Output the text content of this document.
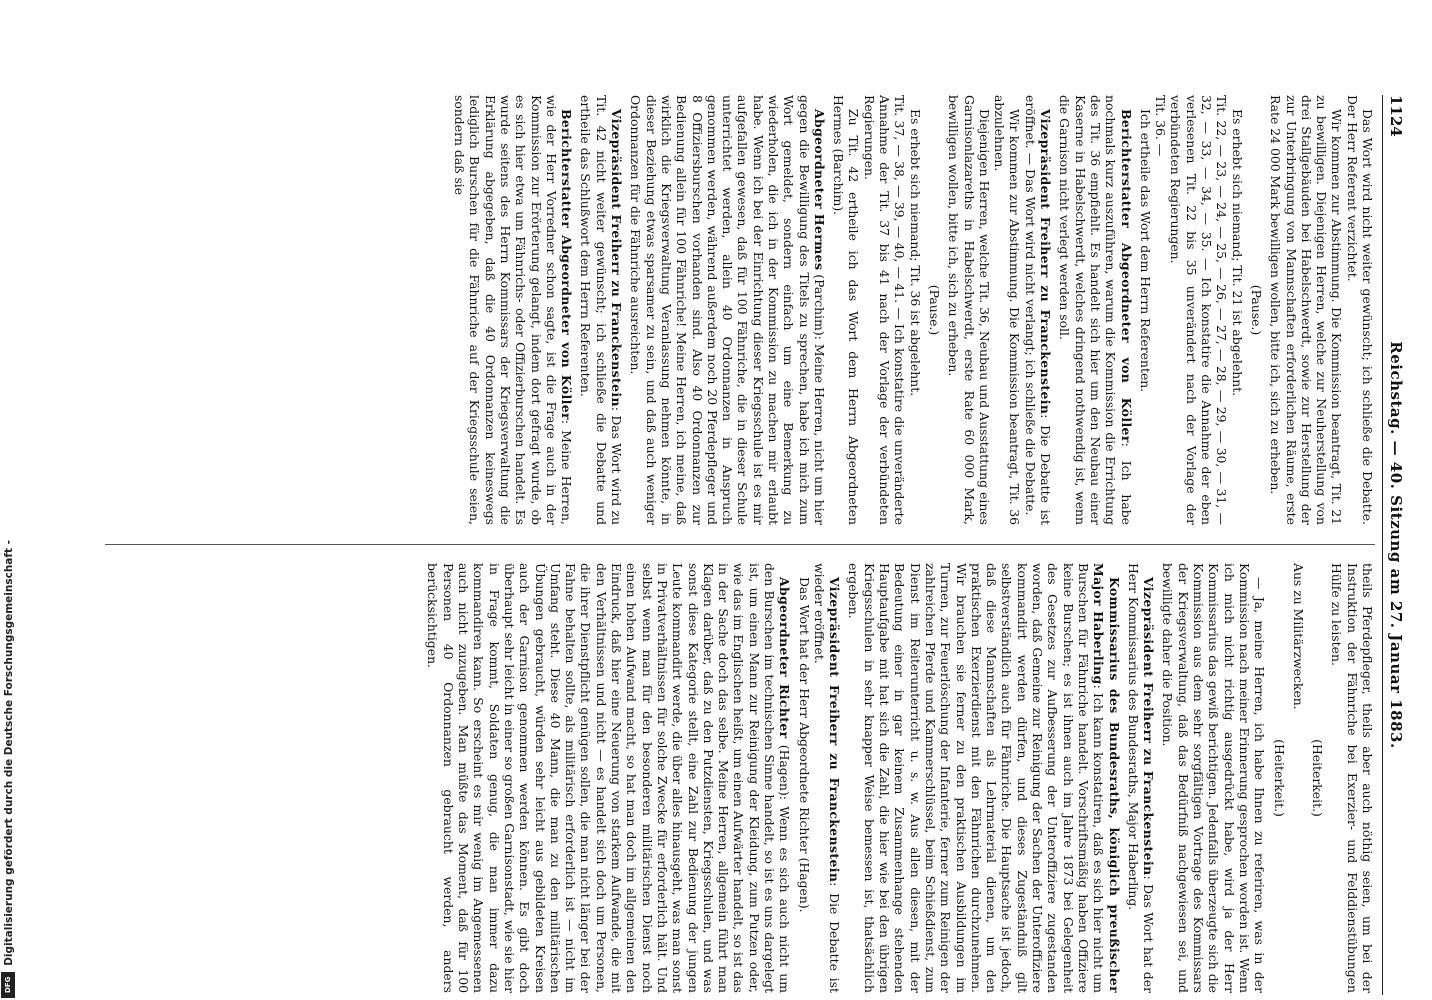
Digitalisierung gefördert durch die Deutsche Forschungsgemeinschaft -
DFG
1124
Reichstag. — 40. Sitzung am 27. Januar 1883.

Das Wort wird nicht weiter gewünscht; ich schließe die Debatte. Der Herr Referent verzichtet.

Wir kommen zur Abstimmung. Die Kommission beantragt, Tit. 21 zu bewilligen. Diejenigen Herren, welche zur Neuherstellung von drei Stallgebäuden bei Habelschwerdt, sowie zur Herstellung der zur Unterbringung von Mannschaften erforderlichen Räume, erste Rate 24 000 Mark bewilligen wollen, bitte ich, sich zu erheben.

(Pause.)

Es erhebt sich niemand; Tit. 21 ist abgelehnt.

Tit. 22, — 23, — 24, — 25, — 26, — 27, — 28, — 29, — 30, — 31, — 32, — 33, — 34, — 35. — Ich konstatire die Annahme der eben verlesenen Tit. 22 bis 35 unverändert nach der Vorlage der verbündeten Regierungen.

Tit. 36. —

Ich ertheile das Wort dem Herrn Referenten.

Berichterstatter Abgeordneter von Köller: Ich habe nochmals kurz auszuführen, warum die Kommission die Errichtung des Tit. 36 empfiehlt. Es handelt sich hier um den Neubau einer Kaserne in Habelschwerdt, welches dringend nothwendig ist, wenn die Garnison nicht verlegt werden soll.

Vizepräsident Freiherr zu Franckenstein: Die Debatte ist eröffnet. — Das Wort wird nicht verlangt; ich schließe die Debatte.

Wir kommen zur Abstimmung. Die Kommission beantragt, Tit. 36 abzulehnen.

Diejenigen Herren, welche Tit. 36, Neubau und Ausstattung eines Garnisonlazareths in Habelschwerdt, erste Rate 60 000 Mark, bewilligen wollen, bitte ich, sich zu erheben.

(Pause.)

Es erhebt sich niemand; Tit. 36 ist abgelehnt.

Tit. 37, — 38, — 39, — 40, — 41. — Ich konstatire die unveränderte Annahme der Tit. 37 bis 41 nach der Vorlage der verbündeten Regierungen.

Zu Tit. 42 ertheile ich das Wort dem Herrn Abgeordneten Hermes (Barchim).

Abgeordneter Hermes (Parchim): Meine Herren, nicht um hier gegen die Bewilligung des Titels zu sprechen, habe ich mich zum Wort gemeldet, sondern einfach um eine Bemerkung zu wiederholen, die ich in der Kommission zu machen mir erlaubt habe. Wenn ich bei der Einrichtung dieser Kriegsschule ist es mir aufgefallen gewesen, daß für 100 Fähnriche, die in dieser Schule unterrichtet werden, allein 40 Ordonnanzen in Anspruch genommen werden, während außerdem noch 20 Pferdepfleger und 8 Offiziersburschen vorhanden sind. Also 40 Ordonnanzen zur Bedienung allein für 100 Fähnriche! Meine Herren, ich meine, daß wirklich die Kriegsverwaltung Veranlassung nehmen könnte, in dieser Beziehung etwas sparsamer zu sein, und daß auch weniger Ordonnanzen für die Fähnriche ausreichten.

Vizepräsident Freiherr zu Franckenstein: Das Wort wird zu Tit. 42 nicht weiter gewünscht; ich schließe die Debatte und ertheile das Schlußwort dem Herrn Referenten.

Berichterstatter Abgeordneter von Köller: Meine Herren, wie der Herr Vorredner schon sagte, ist die Frage auch in der Kommission zur Erörterung gelangt, indem dort gefragt wurde, ob es sich hier etwa um Fähnrichs- oder Offizierburschen handelt. Es wurde seitens des Herrn Kommissars der Kriegsverwaltung die Erklärung abgegeben, daß die 40 Ordonnanzen keineswegs lediglich Burschen für die Fähnriche auf der Kriegsschule seien, sondern daß sie

theils Pferdepfleger, theils aber auch nöthig seien, um bei der Instruktion der Fähnriche bei Exerzier- und Felddienstübungen Hülfe zu leisten.

(Heiterkeit.)

Aus zu Militärzwecken.

(Heiterkeit.)

— Ja, meine Herren, ich habe Ihnen zu referiren, was in der Kommission nach meiner Erinnerung gesprochen worden ist. Wenn ich mich nicht richtig ausgedrückt habe, wird ja der Herr Kommissarius das gewiß berichtigen. Jedenfalls überzeugte sich die Kommission aus dem sehr sorgfältigen Vortrage des Kommissars der Kriegsverwaltung, daß das Bedürfniß nachgewiesen sei, und bewilligte daher die Position.

Vizepräsident Freiherr zu Franckenstein: Das Wort hat der Herr Kommissarius des Bundesraths, Major Haberling.

Kommissarius des Bundesraths, königlich preußischer Major Haberling: Ich kann konstatiren, daß es sich hier nicht um Burschen für Fähnriche handelt. Vorschriftsmäßig haben Offiziere keine Burschen; es ist ihnen auch im Jahre 1873 bei Gelegenheit des Gesetzes zur Aufbesserung der Unteroffiziere zugestanden worden, daß Gemeine zur Reinigung der Sachen der Unteroffiziere kommandirt werden dürfen, und dieses Zugeständniß gilt selbstverständlich auch für Fähnriche. Die Hauptsache ist jedoch, daß diese Mannschaften als Lehrmaterial dienen, um den praktischen Exerzierdienst mit den Fähnrichen durchzunehmen. Wir brauchen sie ferner zu den praktischen Ausbildungen im Turnen, zur Feuerlöschung der Infanterie, ferner zum Reinigen der zahlreichen Pferde und Kammerschlüssel, beim Schießdienst, zum Dienst im Reiterunterricht u. s. w. Aus allen diesen, mit der Bedeutung einer in gar keinem Zusammenhange stehenden Hauptaufgabe mit hat sich die Zahl, die hier wie bei den übrigen Kriegsschulen in sehr knapper Weise bemessen ist, thatsächlich ergeben.

Vizepräsident Freiherr zu Franckenstein: Die Debatte ist wieder eröffnet.

Das Wort hat der Herr Abgeordnete Richter (Hagen).

Abgeordneter Richter (Hagen): Wenn es sich auch nicht um den Burschen im technischen Sinne handelt, so ist es uns dargelegt ist, um einen Mann zur Reinigung der Kleidung, zum Putzen oder, wie das im Englischen heißt, um einen Aufwärter handelt, so ist das in der Sache doch das selbe. Meine Herren, allgemein führt man Klagen darüber, daß zu den Putzdiensten, Kriegsschulen, und was sonst diese Kategorie stellt, eine Zahl zur Bedienung der jungen Leute kommandirt werde, die über alles hinausgeht, was man sonst in Privatverhältnissen für solche Zwecke für erforderlich hält. Und selbst wenn man für den besonderen militärischen Dienst noch einen hohen Aufwand macht, so hat man doch im allgemeinen den Eindruck, daß hier eine Neuerung von starkem Aufwande, die mit den Verhältnissen und nicht — es handelt sich doch um Personen, die ihrer Dienstpflicht genügen sollen, die man nicht länger bei der Fahne behalten sollte, als militärisch erforderlich ist — nicht im Umfang steht. Diese 40 Mann, die man zu den militärischen Übungen gebraucht, würden sehr leicht aus gebildeten Kreisen auch der Garnison genommen werden können. Es gibt doch überhaupt sehr leicht in einer so großen Garnisonstadt, wie sie hier in Frage kommt, Soldaten genug, die man immer dazu kommandiren kann. So erscheint es mir wenig im Angemessenen auch nicht zuzugeben. Man müßte das Moment, daß für 100 Personen 40 Ordonnanzen gebraucht werden, anders berücksichtigen.
